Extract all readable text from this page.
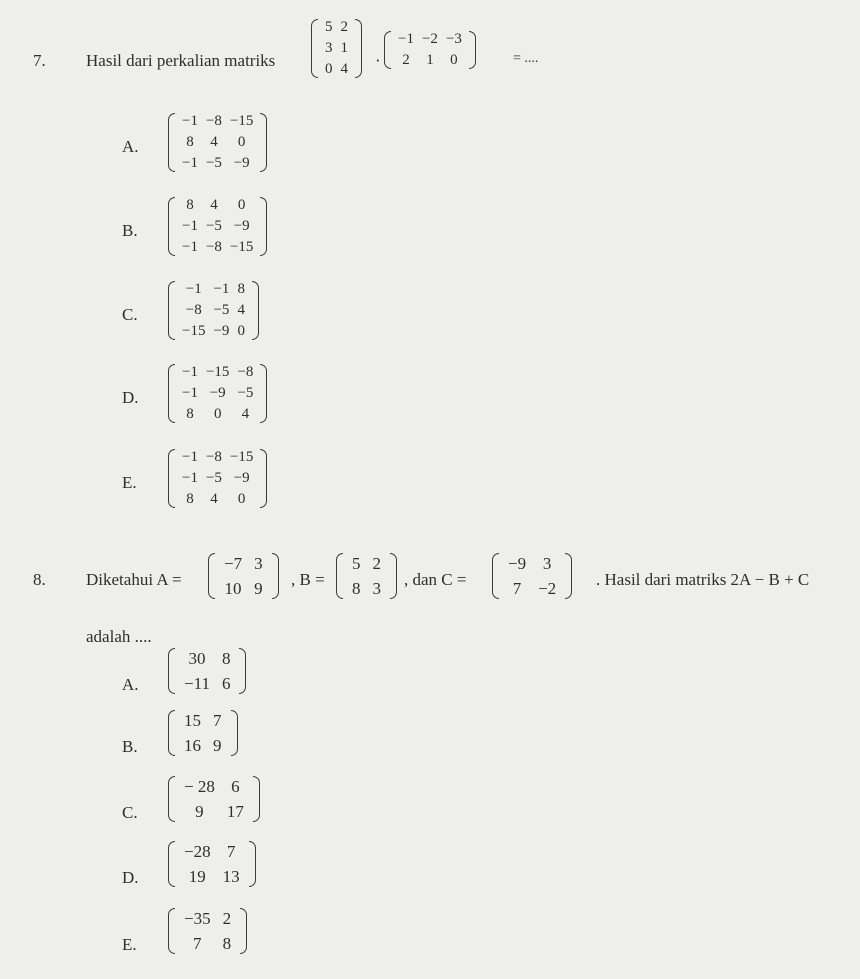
7. Hasil dari perkalian matriks
5	2
3	1
0	4 ·
−1	−2	−3
2	1	0	= ....
A.
−1	−8	−15
8	4	0
−1	−5	−9
B.
8	4	0
−1	−5	−9
−1	−8	−15
C.
−1	−1	8
−8	−5	4
−15	−9	0
D.
−1	−15	−8
−1	−9	−5
8	0	4
E.
−1	−8	−15
−1	−5	−9
8	4	0
8. Diketahui A =
−7	3
10	9 , B =
5	2
8	3 , dan C =
−9	3
7	−2 . Hasil dari matriks 2A − B + C
adalah ....
A.
30	8
−11	6
B.
15	7
16	9
C.
− 28	6
9	17
D.
−28	7
19	13
E.
−35	2
7	8
